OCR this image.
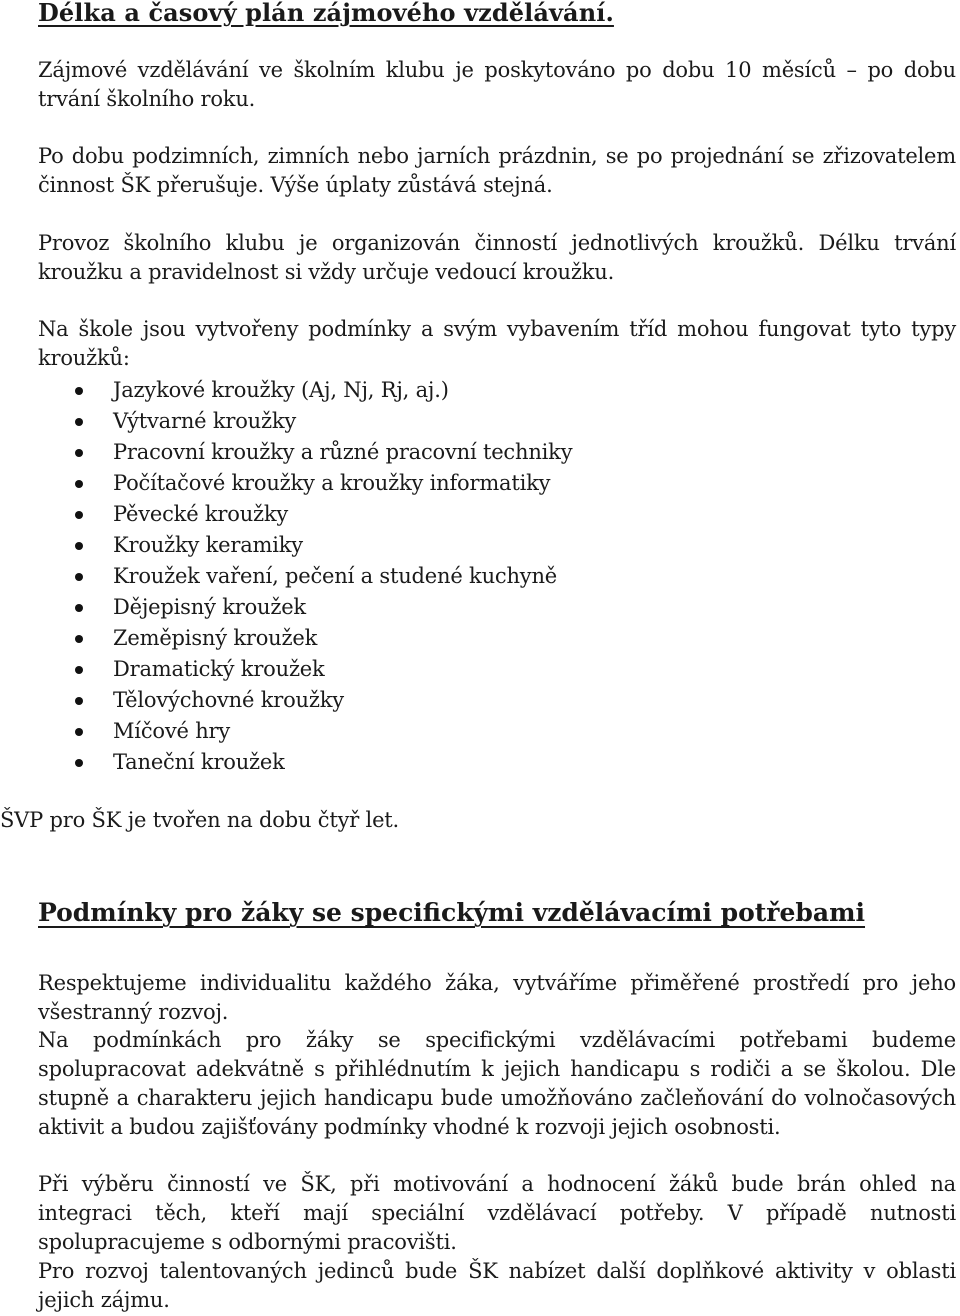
Délka a časový plán zájmového vzdělávání.

Zájmové vzdělávání ve školním klubu je poskytováno po dobu 10 měsíců – po dobu trvání školního roku.

Po dobu podzimních, zimních nebo jarních prázdnin, se po projednání se zřizovatelem činnost ŠK přerušuje. Výše úplaty zůstává stejná.

Provoz školního klubu je organizován činností jednotlivých kroužků. Délku trvání kroužku a pravidelnost si vždy určuje vedoucí kroužku.

Na škole jsou vytvořeny podmínky a svým vybavením tříd mohou fungovat tyto typy kroužků:

Jazykové kroužky (Aj, Nj, Rj, aj.)
Výtvarné kroužky
Pracovní kroužky a různé pracovní techniky
Počítačové kroužky a kroužky informatiky
Pěvecké kroužky
Kroužky keramiky
Kroužek vaření, pečení a studené kuchyně
Dějepisný kroužek
Zeměpisný kroužek
Dramatický kroužek
Tělovýchovné kroužky
Míčové hry
Taneční kroužek

ŠVP pro ŠK je tvořen na dobu čtyř let.

Podmínky pro žáky se specifickými vzdělávacími potřebami

Respektujeme individualitu každého žáka, vytváříme přiměřené prostředí pro jeho všestranný rozvoj.

Na podmínkách pro žáky se specifickými vzdělávacími potřebami budeme spolupracovat adekvátně s přihlédnutím k jejich handicapu s rodiči a se školou. Dle stupně a charakteru jejich handicapu bude umožňováno začleňování do volnočasových aktivit a budou zajišťovány podmínky vhodné k rozvoji jejich osobnosti.

Při výběru činností ve ŠK, při motivování a hodnocení žáků bude brán ohled na integraci těch, kteří mají speciální vzdělávací potřeby. V případě nutnosti spolupracujeme s odbornými pracovišti.

Pro rozvoj talentovaných jedinců bude ŠK nabízet další doplňkové aktivity v oblasti jejich zájmu.
